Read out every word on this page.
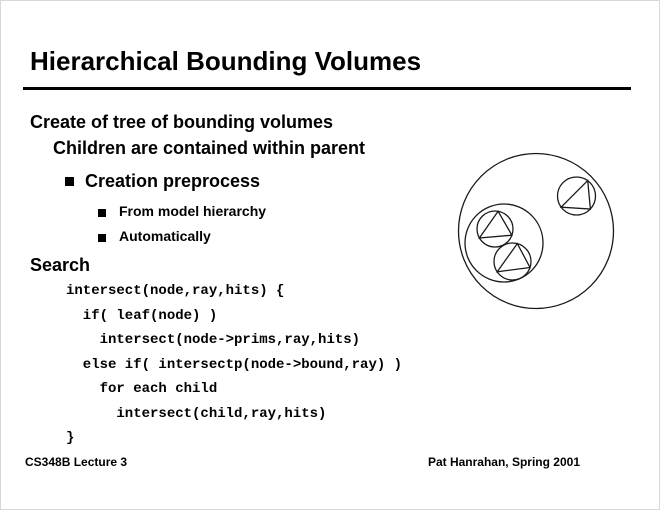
Hierarchical Bounding Volumes
Create of tree of bounding volumes
Children are contained within parent
Creation preprocess
From model hierarchy
Automatically
Search
intersect(node,ray,hits) {
if( leaf(node) )
intersect(node->prims,ray,hits)
else if( intersectp(node->bound,ray) )
for each child
intersect(child,ray,hits)
}
CS348B Lecture 3	Pat Hanrahan, Spring 2001
